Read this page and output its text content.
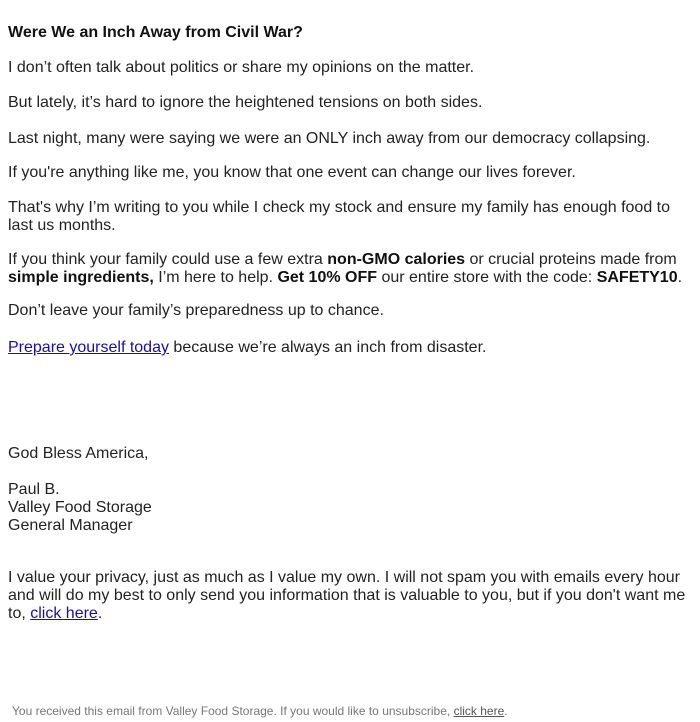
Were We an Inch Away from Civil War?

I don’t often talk about politics or share my opinions on the matter.

But lately, it’s hard to ignore the heightened tensions on both sides.

Last night, many were saying we were an ONLY inch away from our democracy collapsing.

If you're anything like me, you know that one event can change our lives forever.

That's why I’m writing to you while I check my stock and ensure my family has enough food to last us months.

If you think your family could use a few extra non-GMO calories or crucial proteins made from simple ingredients, I’m here to help. Get 10% OFF our entire store with the code: SAFETY10.

Don’t leave your family’s preparedness up to chance.

Prepare yourself today because we’re always an inch from disaster.

God Bless America,

Paul B.

Valley Food Storage

General Manager

I value your privacy, just as much as I value my own. I will not spam you with emails every hour and will do my best to only send you information that is valuable to you, but if you don't want me to, click here.

You received this email from Valley Food Storage. If you would like to unsubscribe, click here.
